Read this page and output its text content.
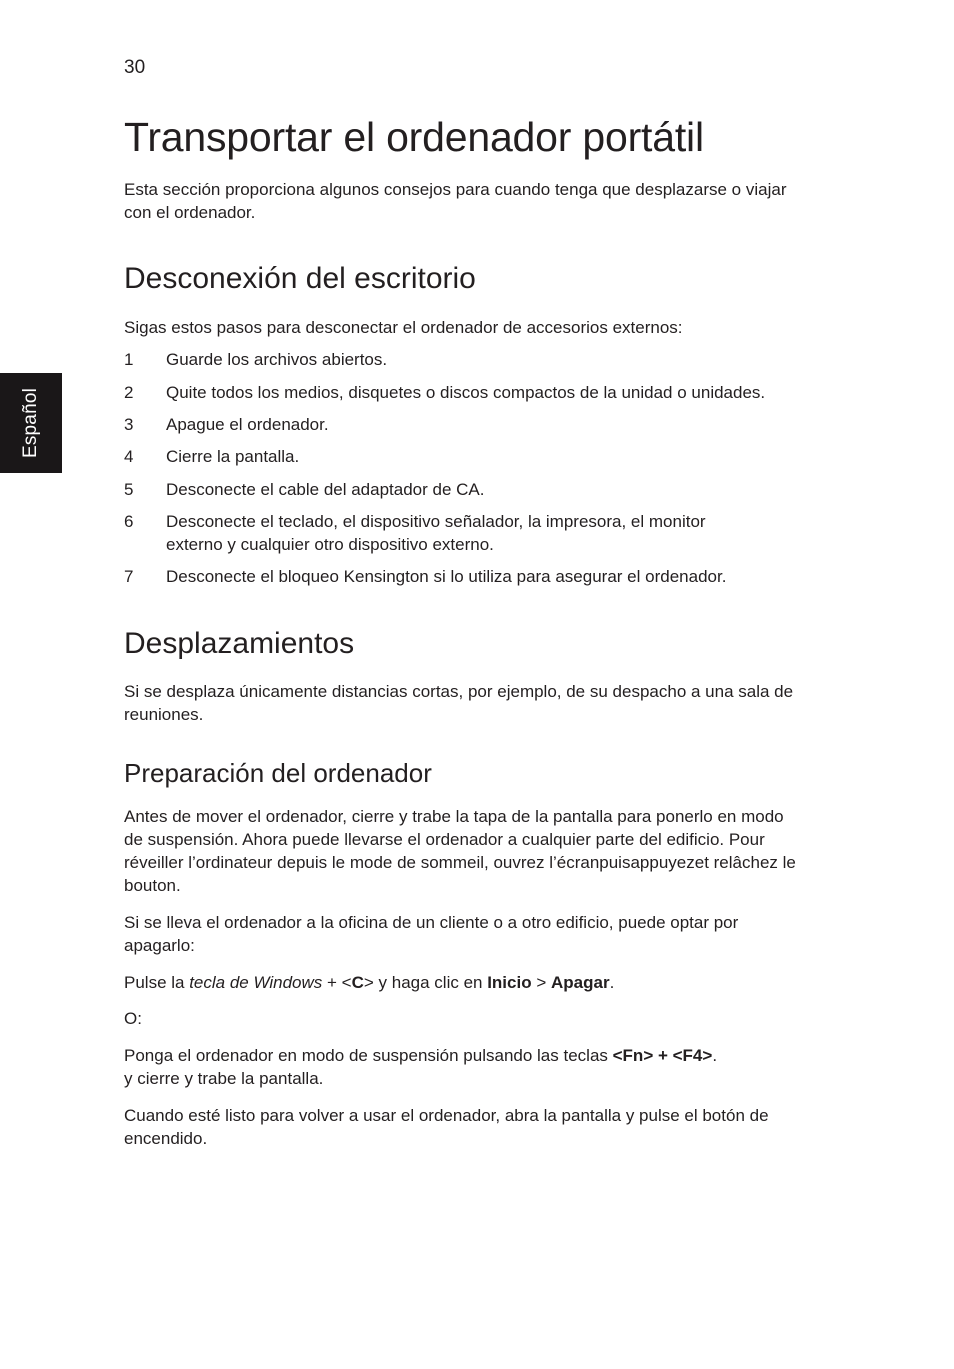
30
Español
Transportar el ordenador portátil

Esta sección proporciona algunos consejos para cuando tenga que desplazarse o viajar con el ordenador.

Desconexión del escritorio

Sigas estos pasos para desconectar el ordenador de accesorios externos:

1 Guarde los archivos abiertos.
2 Quite todos los medios, disquetes o discos compactos de la unidad o unidades.
3 Apague el ordenador.
4 Cierre la pantalla.
5 Desconecte el cable del adaptador de CA.
6 Desconecte el teclado, el dispositivo señalador, la impresora, el monitor externo y cualquier otro dispositivo externo.
7 Desconecte el bloqueo Kensington si lo utiliza para asegurar el ordenador.
Desplazamientos

Si se desplaza únicamente distancias cortas, por ejemplo, de su despacho a una sala de reuniones.

Preparación del ordenador

Antes de mover el ordenador, cierre y trabe la tapa de la pantalla para ponerlo en modo de suspensión. Ahora puede llevarse el ordenador a cualquier parte del edificio. Pour réveiller l’ordinateur depuis le mode de sommeil, ouvrez l’écranpuisappuyezet relâchez le bouton.

Si se lleva el ordenador a la oficina de un cliente o a otro edificio, puede optar por apagarlo:

Pulse la tecla de Windows + <C> y haga clic en Inicio > Apagar.

O:

Ponga el ordenador en modo de suspensión pulsando las teclas <Fn> + <F4>.
y cierre y trabe la pantalla.

Cuando esté listo para volver a usar el ordenador, abra la pantalla y pulse el botón de encendido.
